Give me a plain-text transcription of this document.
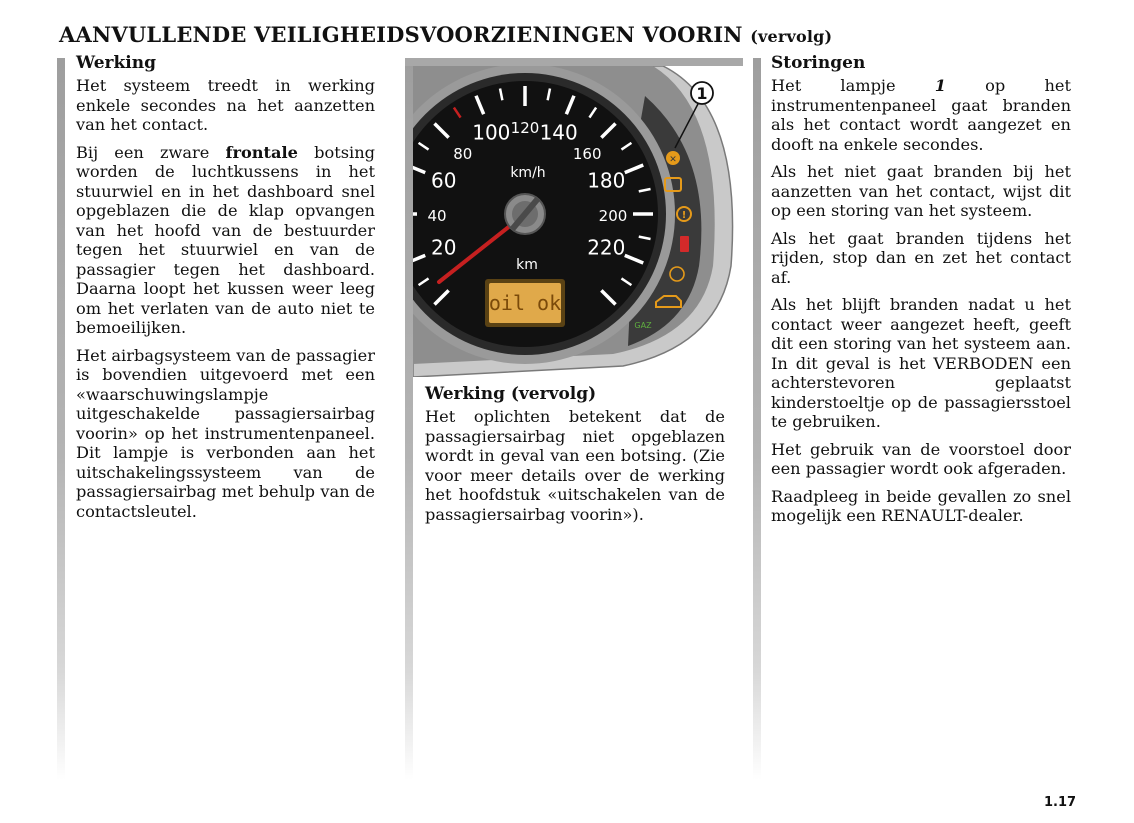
AANVULLENDE VEILIGHEIDSVOORZIENINGEN VOORIN (vervolg)
Werking

Het systeem treedt in werking enkele secondes na het aanzetten van het contact.

Bij een zware frontale botsing worden de luchtkussens in het stuurwiel en in het dashboard snel opgeblazen die de klap opvangen van het hoofd van de bestuurder tegen het stuurwiel en van de passagier tegen het dashboard. Daarna loopt het kussen weer leeg om het verlaten van de auto niet te bemoeilijken.

Het airbagsysteem van de passagier is bovendien uitgevoerd met een «waarschuwingslampje uitgeschakelde passagiersairbag voorin» op het instrumentenpaneel. Dit lampje is verbonden aan het uitschakelingssysteem van de passagiersairbag met behulp van de contactsleutel.

20
40
60
80
100 120 140
160
180
200
220
km/h
km
oil ok
✕
!
GAZ
1
Werking (vervolg)

Het oplichten betekent dat de passagiersairbag niet opgeblazen wordt in geval van een botsing. (Zie voor meer details over de werking het hoofdstuk «uitschakelen van de passagiersairbag voorin»).

Storingen

Het lampje 1 op het instrumentenpaneel gaat branden als het contact wordt aangezet en dooft na enkele secondes.

Als het niet gaat branden bij het aanzetten van het contact, wijst dit op een storing van het systeem.

Als het gaat branden tijdens het rijden, stop dan en zet het contact af.

Als het blijft branden nadat u het contact weer aangezet heeft, geeft dit een storing van het systeem aan. In dit geval is het VERBODEN een achterstevoren geplaatst kinderstoeltje op de passagiersstoel te gebruiken.

Het gebruik van de voorstoel door een passagier wordt ook afgeraden.

Raadpleeg in beide gevallen zo snel mogelijk een RENAULT-dealer.

1.17
